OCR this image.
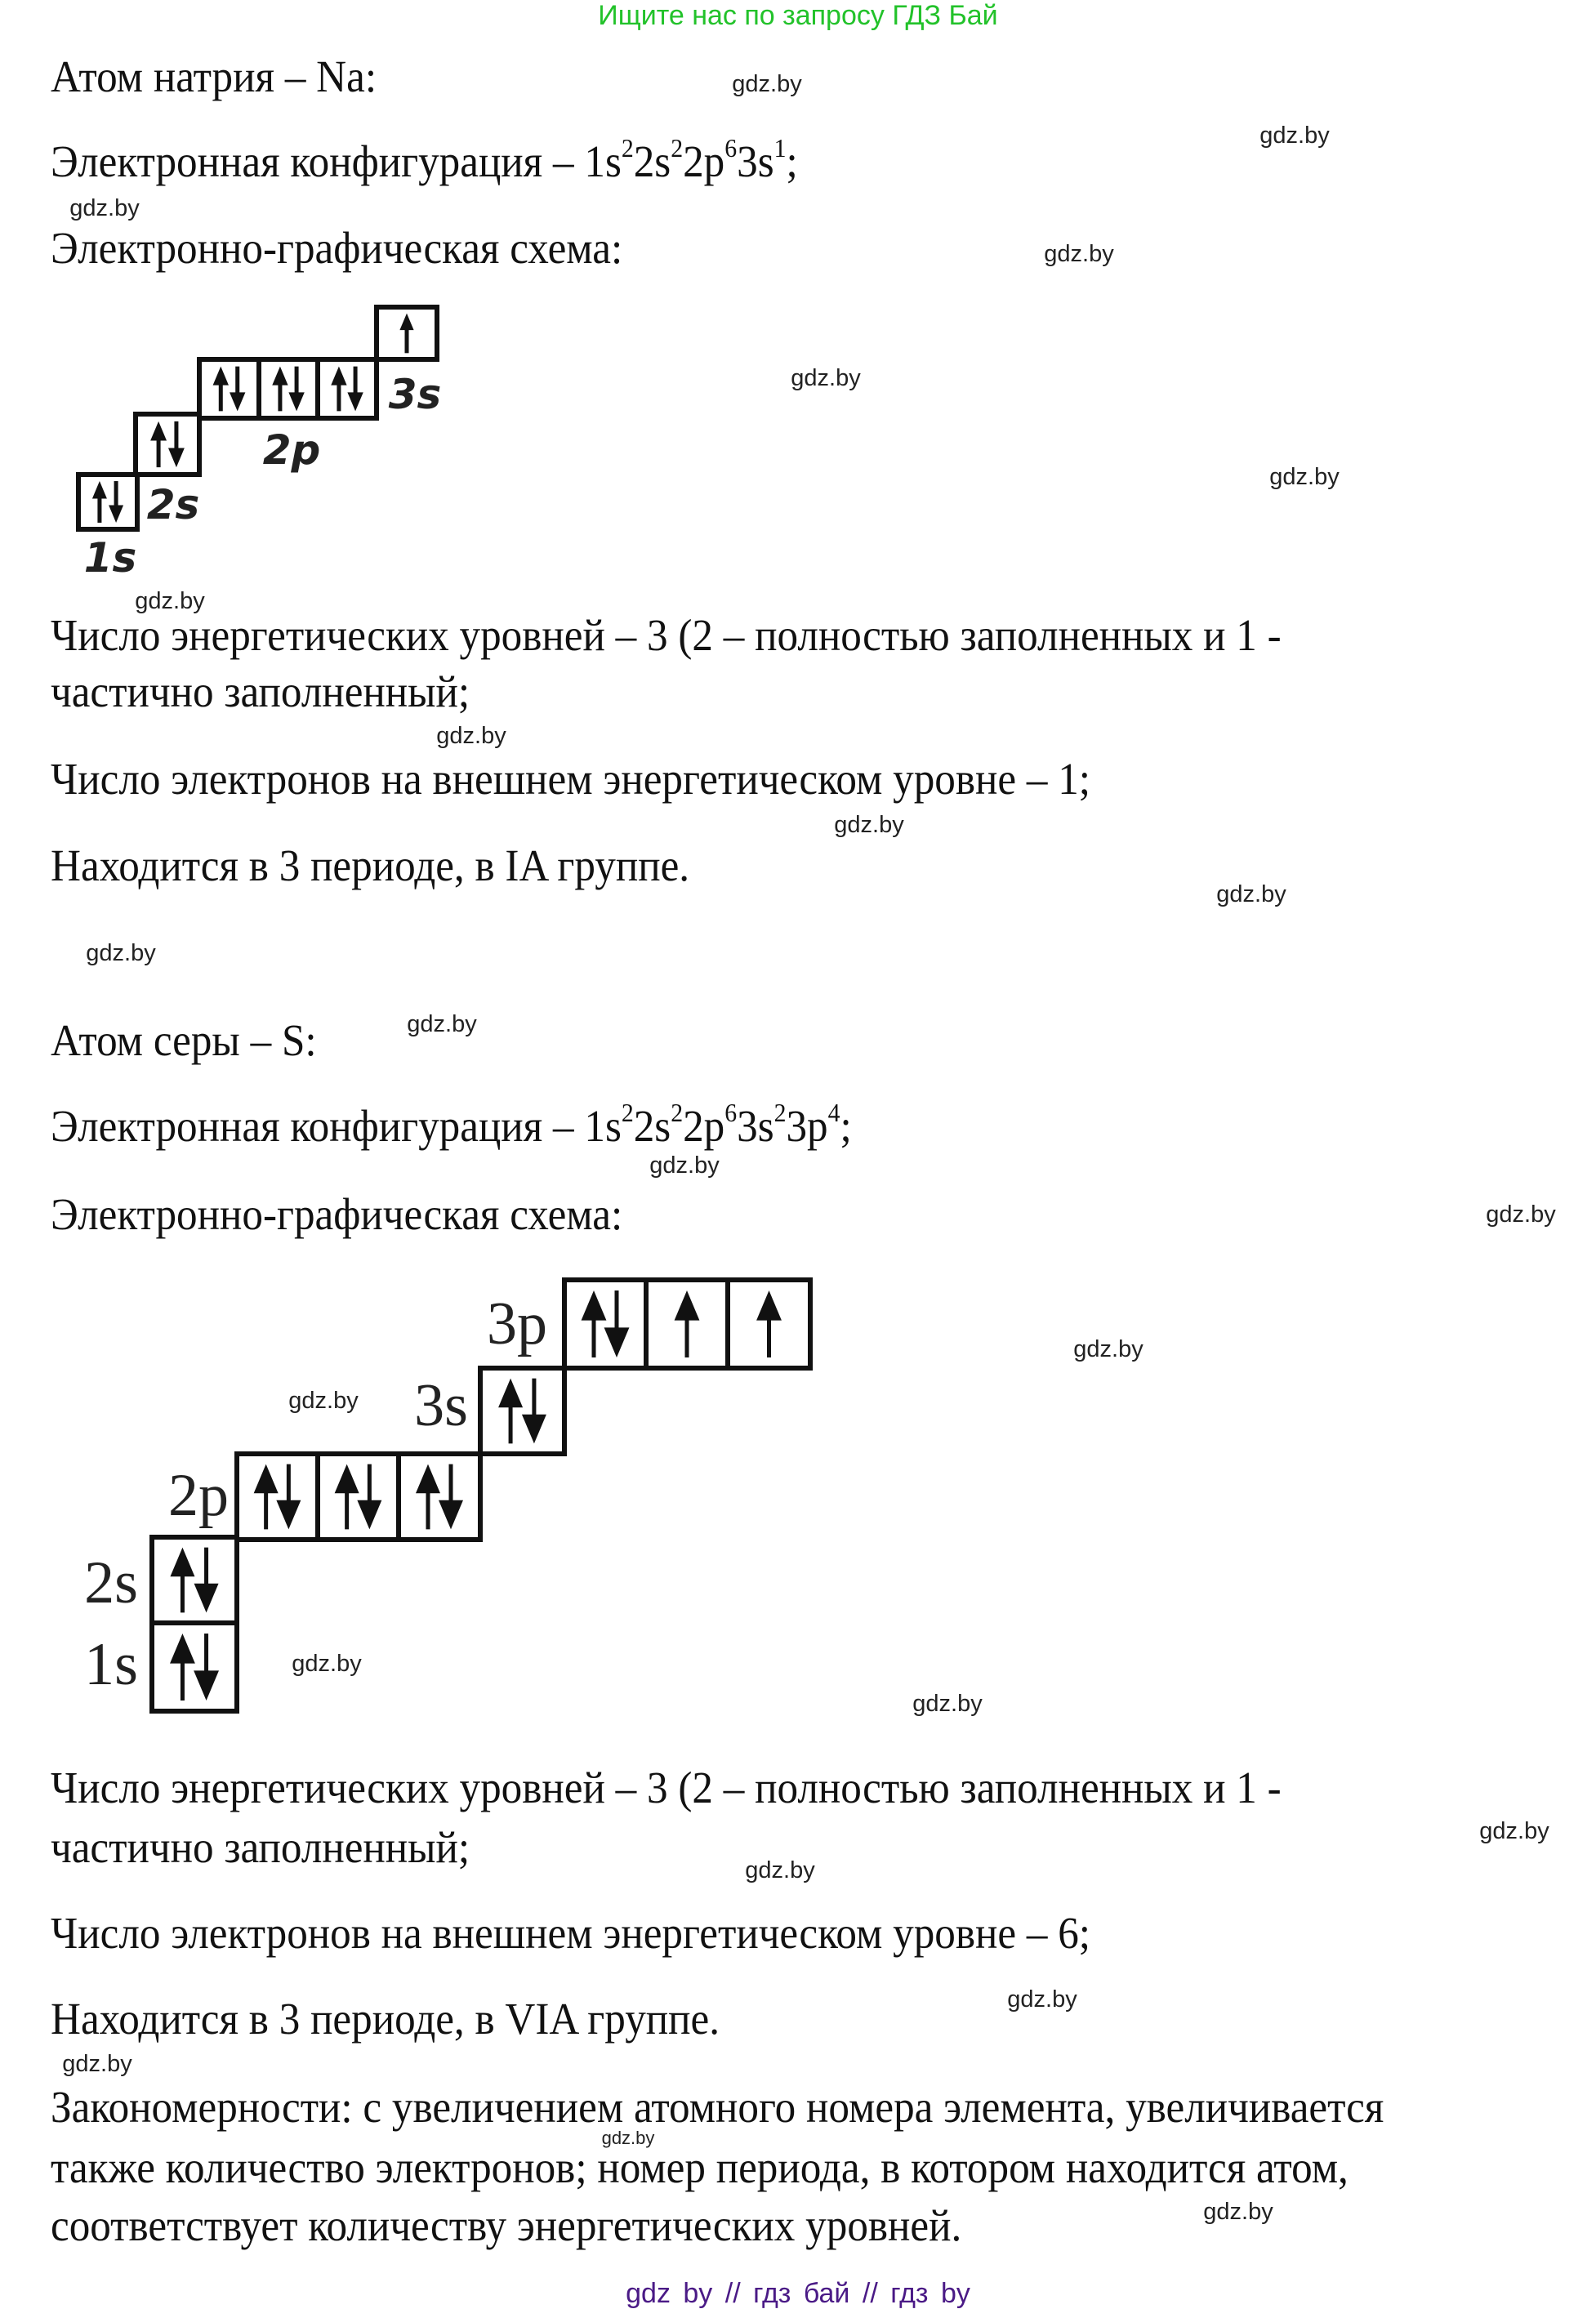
Ищите нас по запросу ГДЗ Бай
Атом натрия – Na:
Электронная конфигурация – $1s^22s^22p^63s^1$;
Электронно-графическая схема:
1s
2s
2p
3s
Число энергетических уровней – 3 (2 – полностью заполненных и 1 -
частично заполненный;
Число электронов на внешнем энергетическом уровне – 1;
Находится в 3 периоде, в IA группе.
Атом серы – S:
Электронная конфигурация – $1s^22s^22p^63s^23p^4$;
Электронно-графическая схема:
1s
2s
2p
3s
3p
Число энергетических уровней – 3 (2 – полностью заполненных и 1 -
частично заполненный;
Число электронов на внешнем энергетическом уровне – 6;
Находится в 3 периоде, в VIA группе.
Закономерности: с увеличением атомного номера элемента, увеличивается
также количество электронов; номер периода, в котором находится атом,
соответствует количеству энергетических уровней.
gdz.by
gdz.by
gdz.by
gdz.by
gdz.by
gdz.by
gdz.by
gdz.by
gdz.by
gdz.by
gdz.by
gdz.by
gdz.by
gdz.by
gdz.by
gdz.by
gdz.by
gdz.by
gdz.by
gdz.by
gdz.by
gdz.by
gdz.by
gdz.by
gdz by // гдз бай // гдз by
